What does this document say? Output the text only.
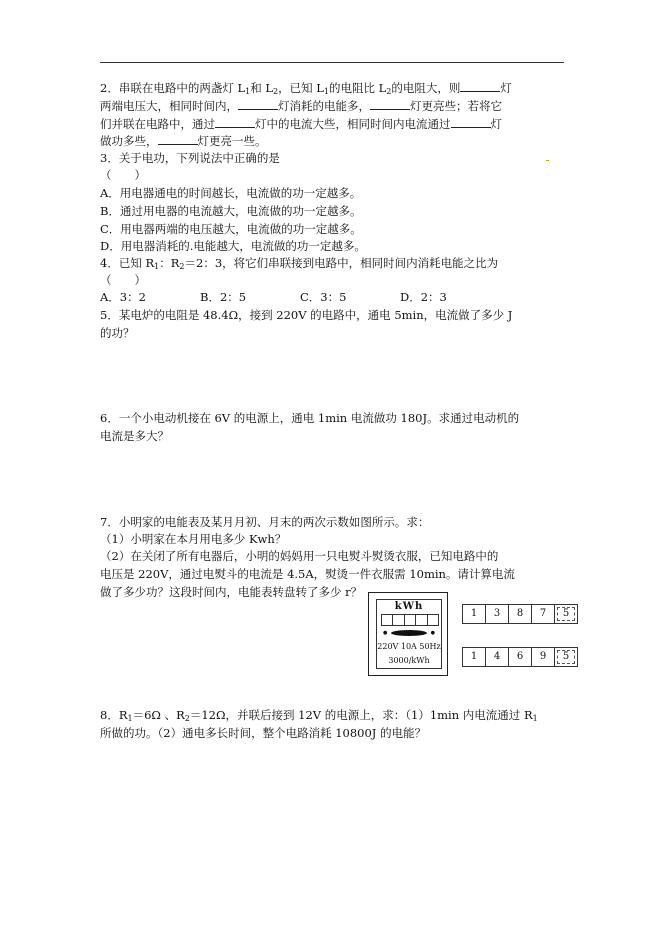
2．串联在电路中的两盏灯 $L_1$和 $L_2$，已知 $L_1$的电阻比 $L_2$的电阻大，则	灯
两端电压大，相同时间内，	灯消耗的电能多，	灯更亮些；若将它
们并联在电路中，通过	灯中的电流大些，相同时间内电流通过	灯
做功多些，	灯更亮一些。
3．关于电功，下列说法中正确的是
（　　）
A．用电器通电的时间越长，电流做的功一定越多。
B．通过用电器的电流越大，电流做的功一定越多。
C．用电器两端的电压越大，电流做的功一定越多。
D．用电器消耗的.电能越大，电流做的功一定越多。
4．已知 $R_1$：$R_2=2$：3，将它们串联接到电路中，相同时间内消耗电能之比为
（　　）
A．3：2	B．2：5	C．3：5	D．2：3
5．某电炉的电阻是 48.4Ω，接到 220V 的电路中，通电 5min，电流做了多少 J
的功？
6．一个小电动机接在 6V 的电源上，通电 1min 电流做功 180J。求通过电动机的
电流是多大？
7．小明家的电能表及某月月初、月末的两次示数如图所示。求：
（1）小明家在本月用电多少 Kwh？
（2）在关闭了所有电器后，小明的妈妈用一只电熨斗熨烫衣服，已知电路中的
电压是 220V，通过电熨斗的电流是 4.5A，熨烫一件衣服需 10min。请计算电流
做了多少功？这段时间内，电能表转盘转了多少 r？
kWh
●	●
220V 10A 50Hz
3000/kWh
1	3	8	7	5
1	4	6	9	5
8．$R_1=6\Omega$ 、$R_2=12\Omega$，并联后接到 12V 的电源上，求：（1）1min 内电流通过 $R_1$
所做的功。（2）通电多长时间，整个电路消耗 10800J 的电能？
